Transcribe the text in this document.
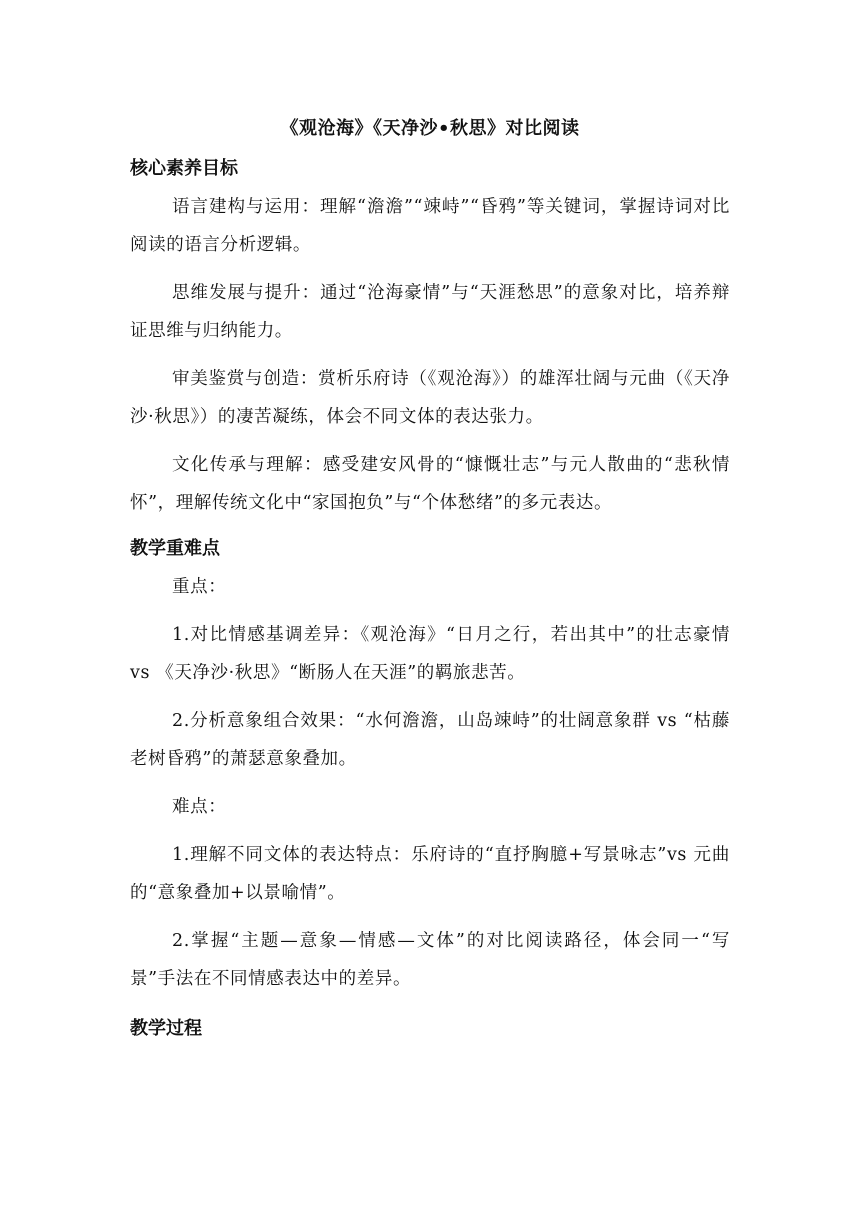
《观沧海》《天净沙•秋思》对比阅读
核心素养目标

语言建构与运用：理解“澹澹”“竦峙”“昏鸦”等关键词，掌握诗词对比阅读的语言分析逻辑。

思维发展与提升：通过“沧海豪情”与“天涯愁思”的意象对比，培养辩证思维与归纳能力。

审美鉴赏与创造：赏析乐府诗（《观沧海》）的雄浑壮阔与元曲（《天净沙·秋思》）的凄苦凝练，体会不同文体的表达张力。

文化传承与理解：感受建安风骨的“慷慨壮志”与元人散曲的“悲秋情怀”，理解传统文化中“家国抱负”与“个体愁绪”的多元表达。

教学重难点

重点：

1.对比情感基调差异：《观沧海》“日月之行，若出其中”的壮志豪情 vs 《天净沙·秋思》“断肠人在天涯”的羁旅悲苦。

2.分析意象组合效果：“水何澹澹，山岛竦峙”的壮阔意象群 vs “枯藤老树昏鸦”的萧瑟意象叠加。

难点：

1.理解不同文体的表达特点：乐府诗的“直抒胸臆+写景咏志”vs 元曲的“意象叠加+以景喻情”。

2.掌握“主题—意象—情感—文体”的对比阅读路径，体会同一“写景”手法在不同情感表达中的差异。

教学过程
